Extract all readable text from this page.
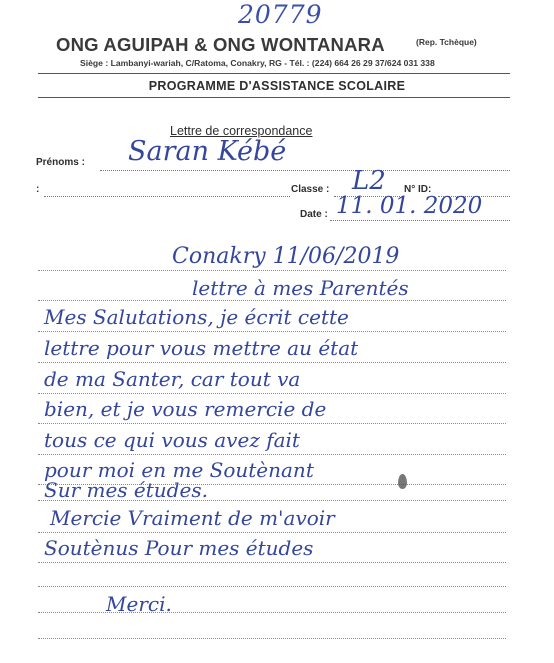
20779
ONG AGUIPAH & ONG WONTANARA	(Rep. Tchèque)
Siège : Lambanyi-wariah, C/Ratoma, Conakry, RG - Tél. : (224) 664 26 29 37/624 031 338
PROGRAMME D'ASSISTANCE SCOLAIRE
Lettre de correspondance
Prénoms : Saran Kébé
:	Classe : L2 N° ID:
Date : 11. 01. 2020
Conakry 11/06/2019
lettre à mes Parentés
Mes Salutations, je écrit cette
lettre pour vous mettre au état
de ma Santer, car tout va
bien, et je vous remercie de
tous ce qui vous avez fait
pour moi en me Soutènant
Sur mes études.
Mercie Vraiment de m'avoir
Soutènus Pour mes études
Merci.
